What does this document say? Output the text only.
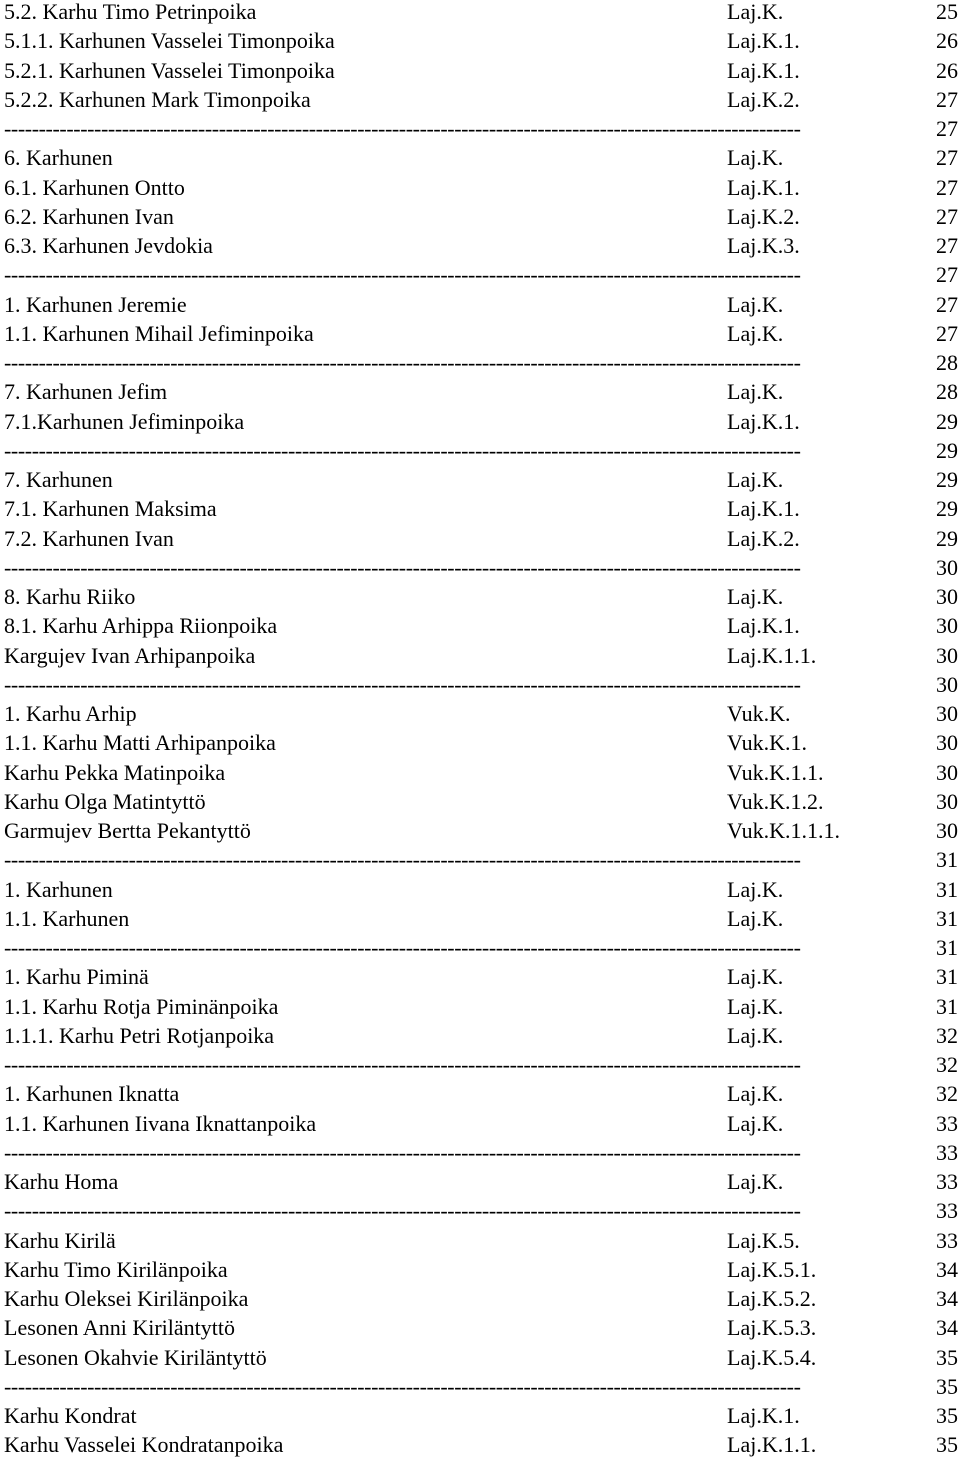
5.2. Karhu Timo Petrinpoika	Laj.K.	25
5.1.1. Karhunen Vasselei Timonpoika	Laj.K.1.	26
5.2.1. Karhunen Vasselei Timonpoika	Laj.K.1.	26
5.2.2. Karhunen Mark Timonpoika	Laj.K.2.	27
-------------------------------------------------------------------------------------------------------------------	27
6. Karhunen	Laj.K.	27
6.1. Karhunen Ontto	Laj.K.1.	27
6.2. Karhunen Ivan	Laj.K.2.	27
6.3. Karhunen Jevdokia	Laj.K.3.	27
-------------------------------------------------------------------------------------------------------------------	27
1. Karhunen Jeremie	Laj.K.	27
1.1. Karhunen Mihail Jefiminpoika	Laj.K.	27
-------------------------------------------------------------------------------------------------------------------	28
7. Karhunen Jefim	Laj.K.	28
7.1.Karhunen Jefiminpoika	Laj.K.1.	29
-------------------------------------------------------------------------------------------------------------------	29
7. Karhunen	Laj.K.	29
7.1. Karhunen Maksima	Laj.K.1.	29
7.2. Karhunen Ivan	Laj.K.2.	29
-------------------------------------------------------------------------------------------------------------------	30
8. Karhu Riiko	Laj.K.	30
8.1. Karhu Arhippa Riionpoika	Laj.K.1.	30
Kargujev Ivan Arhipanpoika	Laj.K.1.1.	30
-------------------------------------------------------------------------------------------------------------------	30
1. Karhu Arhip	Vuk.K.	30
1.1. Karhu Matti Arhipanpoika	Vuk.K.1.	30
Karhu Pekka Matinpoika	Vuk.K.1.1.	30
Karhu Olga Matintyttö	Vuk.K.1.2.	30
Garmujev Bertta Pekantyttö	Vuk.K.1.1.1.	30
-------------------------------------------------------------------------------------------------------------------	31
1. Karhunen	Laj.K.	31
1.1. Karhunen	Laj.K.	31
-------------------------------------------------------------------------------------------------------------------	31
1. Karhu Piminä	Laj.K.	31
1.1. Karhu Rotja Piminänpoika	Laj.K.	31
1.1.1. Karhu Petri Rotjanpoika	Laj.K.	32
-------------------------------------------------------------------------------------------------------------------	32
1. Karhunen Iknatta	Laj.K.	32
1.1. Karhunen Iivana Iknattanpoika	Laj.K.	33
-------------------------------------------------------------------------------------------------------------------	33
Karhu Homa	Laj.K.	33
-------------------------------------------------------------------------------------------------------------------	33
Karhu Kirilä	Laj.K.5.	33
Karhu Timo Kirilänpoika	Laj.K.5.1.	34
Karhu Oleksei Kirilänpoika	Laj.K.5.2.	34
Lesonen Anni Kiriläntyttö	Laj.K.5.3.	34
Lesonen Okahvie Kiriläntyttö	Laj.K.5.4.	35
-------------------------------------------------------------------------------------------------------------------	35
Karhu Kondrat	Laj.K.1.	35
Karhu Vasselei Kondratanpoika	Laj.K.1.1.	35
